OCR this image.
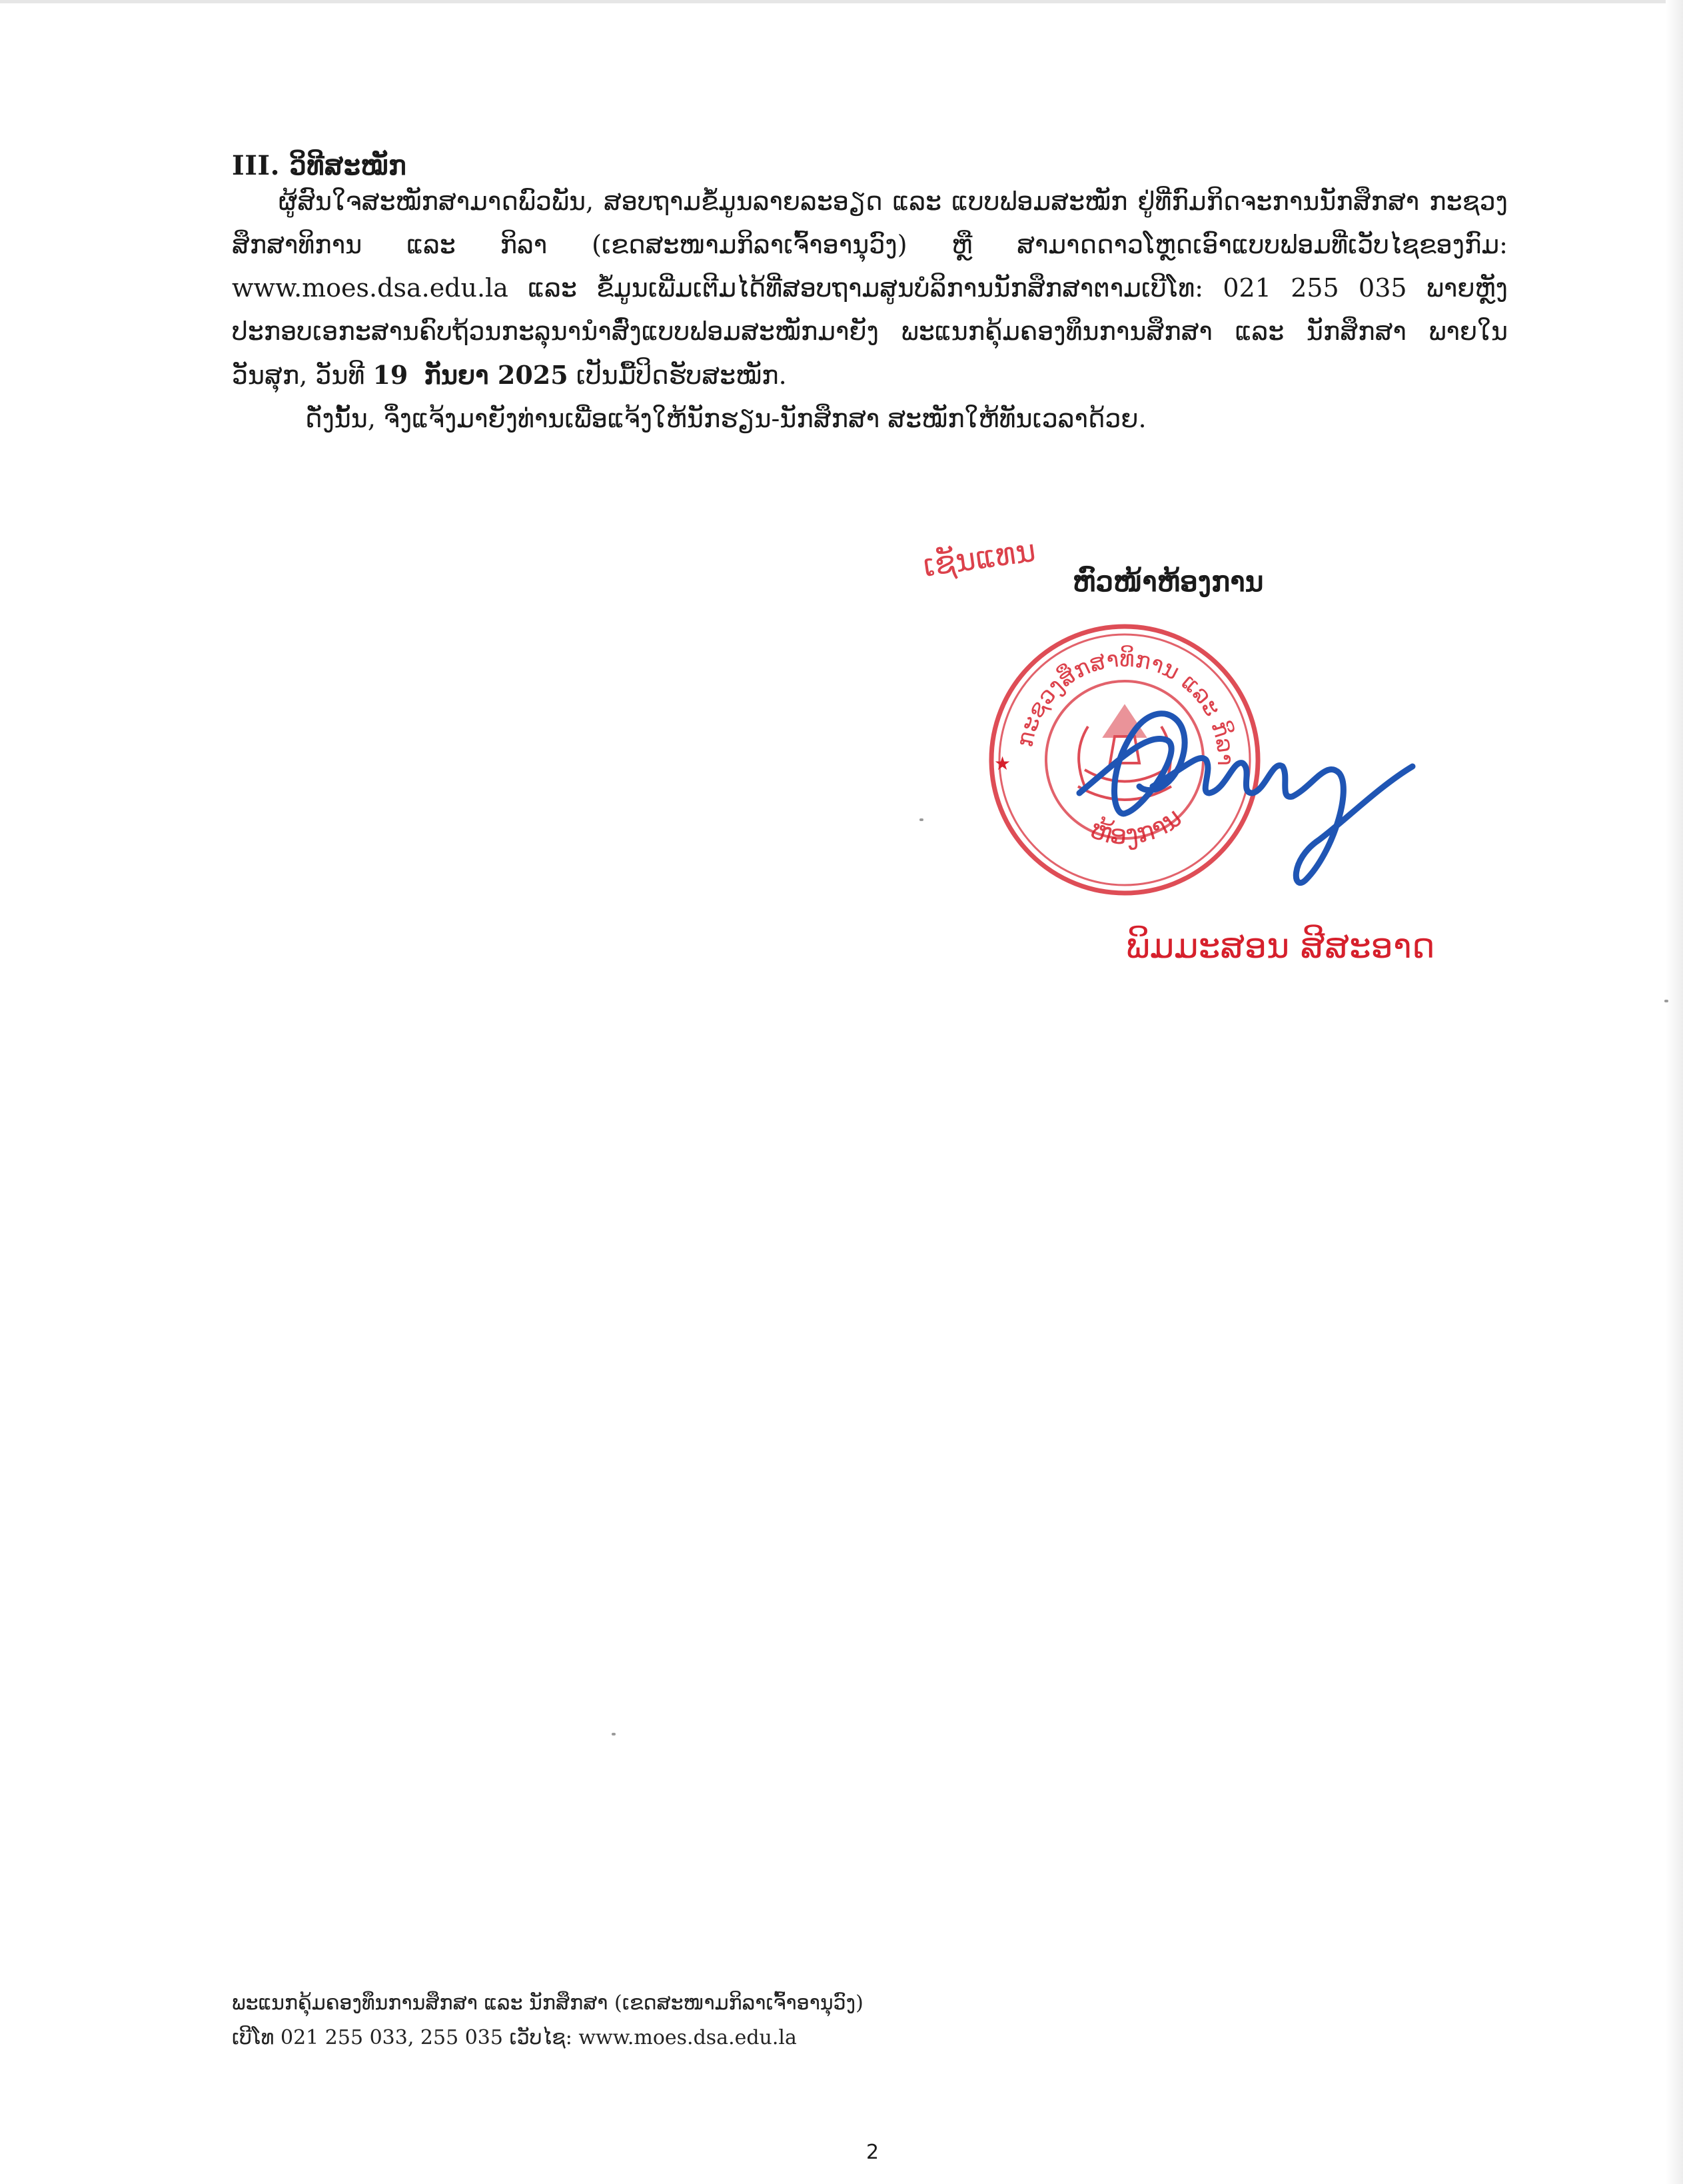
III. ວິທີສະໝັກ

ຜູ້ສົນໃຈສະໝັກສາມາດພົວພັນ, ສອບຖາມຂໍ້ມູນລາຍລະອຽດ ແລະ ແບບຟອມສະໝັກ ຢູ່ທີ່ກົມກິດຈະການນັກສຶກສາ ກະຊວງສຶກສາທິການ ແລະ ກິລາ (ເຂດສະໜາມກິລາເຈົ້າອານຸວົງ) ຫຼື ສາມາດດາວໂຫຼດເອົາແບບຟອມທີ່ເວັບໄຊຂອງກົມ: www.moes.dsa.edu.la ແລະ ຂໍ້ມູນເພີ່ມເຕີມໄດ້ທີ່ສອບຖາມສູນບໍລິການນັກສຶກສາຕາມເບີໂທ: 021 255 035 ພາຍຫຼັງປະກອບເອກະສານຄົບຖ້ວນກະລຸນານຳສົ່ງແບບຟອມສະໝັກມາຍັງ ພະແນກຄຸ້ມຄອງທຶນການສຶກສາ ແລະ ນັກສຶກສາ ພາຍໃນວັນສຸກ, ວັນທີ 19 ກັນຍາ 2025 ເປັນມື້ປິດຮັບສະໝັກ.

ດັ່ງນັ້ນ, ຈຶ່ງແຈ້ງມາຍັງທ່ານເພື່ອແຈ້ງໃຫ້ນັກຮຽນ-ນັກສຶກສາ ສະໝັກໃຫ້ທັນເວລາດ້ວຍ.

ເຊັນແທນ ຫົວໜ້າຫ້ອງການ
ກະຊວງສຶກສາທິການ ແລະ ກິລາ
ຫ້ອງການ
★
ພິມມະສອນ ສີສະອາດ
ພະແນກຄຸ້ມຄອງທຶນການສຶກສາ ແລະ ນັກສຶກສາ (ເຂດສະໜາມກິລາເຈົ້າອານຸວົງ)
ເບີໂທ 021 255 033, 255 035 ເວັບໄຊ: www.moes.dsa.edu.la
2
